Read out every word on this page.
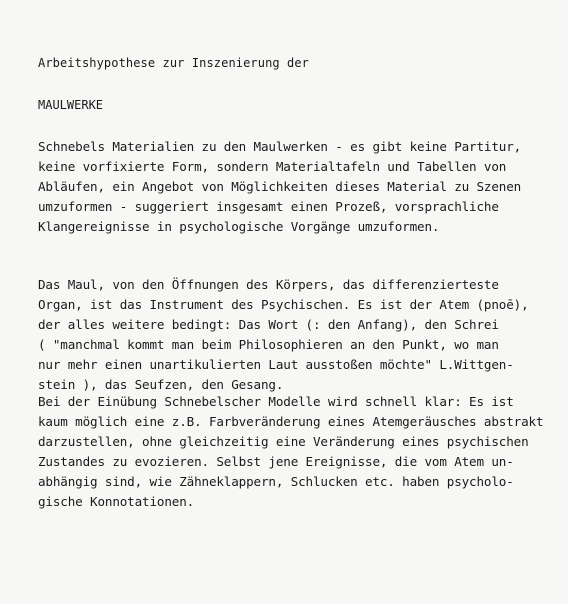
Arbeitshypothese zur Inszenierung der
MAULWERKE
Schnebels Materialien zu den Maulwerken - es gibt keine Partitur,
keine vorfixierte Form, sondern Materialtafeln und Tabellen von
Abläufen, ein Angebot von Möglichkeiten dieses Material zu Szenen
umzuformen - suggeriert insgesamt einen Prozeß, vorsprachliche
Klangereignisse in psychologische Vorgänge umzuformen.
Das Maul, von den Öffnungen des Körpers, das differenzierteste
Organ, ist das Instrument des Psychischen. Es ist der Atem (pnoē),
der alles weitere bedingt: Das Wort (: den Anfang), den Schrei
( "manchmal kommt man beim Philosophieren an den Punkt, wo man
nur mehr einen unartikulierten Laut ausstoßen möchte" L.Wittgen-
stein ), das Seufzen, den Gesang.
Bei der Einübung Schnebelscher Modelle wird schnell klar: Es ist
kaum möglich eine z.B. Farbveränderung eines Atemgeräusches abstrakt
darzustellen, ohne gleichzeitig eine Veränderung eines psychischen
Zustandes zu evozieren. Selbst jene Ereignisse, die vom Atem un-
abhängig sind, wie Zähneklappern, Schlucken etc. haben psycholo-
gische Konnotationen.
